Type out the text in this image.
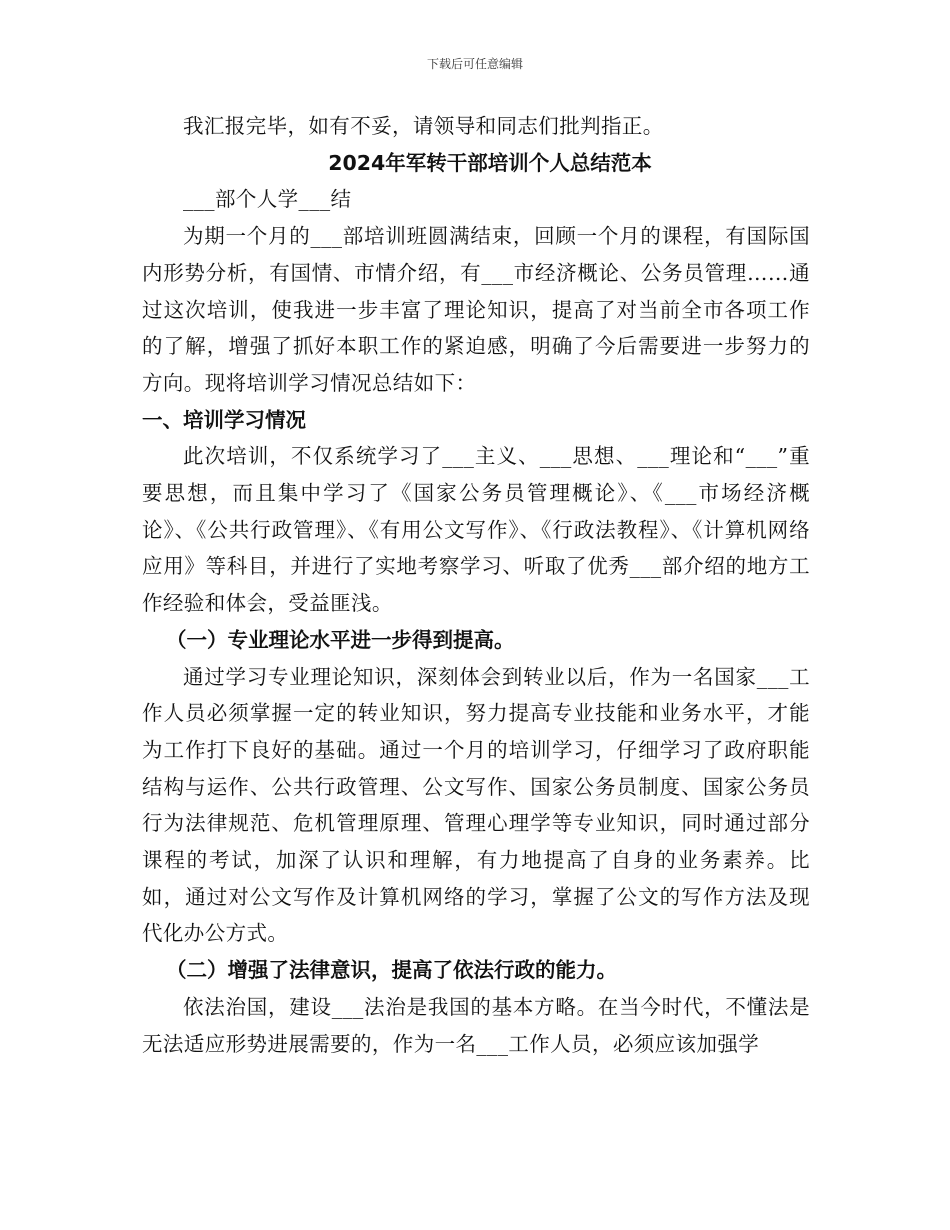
下载后可任意编辑

我汇报完毕，如有不妥，请领导和同志们批判指正。

2024年军转干部培训个人总结范本

___部个人学___结

为期一个月的___部培训班圆满结束，回顾一个月的课程，有国际国内形势分析，有国情、市情介绍，有___市经济概论、公务员管理……通过这次培训，使我进一步丰富了理论知识，提高了对当前全市各项工作的了解，增强了抓好本职工作的紧迫感，明确了今后需要进一步努力的方向。现将培训学习情况总结如下：

一、培训学习情况

此次培训，不仅系统学习了___主义、___思想、___理论和“___”重要思想，而且集中学习了《国家公务员管理概论》、《___市场经济概论》、《公共行政管理》、《有用公文写作》、《行政法教程》、《计算机网络应用》等科目，并进行了实地考察学习、听取了优秀___部介绍的地方工作经验和体会，受益匪浅。

（一）专业理论水平进一步得到提高。

通过学习专业理论知识，深刻体会到转业以后，作为一名国家___工作人员必须掌握一定的转业知识，努力提高专业技能和业务水平，才能为工作打下良好的基础。通过一个月的培训学习，仔细学习了政府职能结构与运作、公共行政管理、公文写作、国家公务员制度、国家公务员行为法律规范、危机管理原理、管理心理学等专业知识，同时通过部分课程的考试，加深了认识和理解，有力地提高了自身的业务素养。比如，通过对公文写作及计算机网络的学习，掌握了公文的写作方法及现代化办公方式。

（二）增强了法律意识，提高了依法行政的能力。

依法治国，建设___法治是我国的基本方略。在当今时代，不懂法是无法适应形势进展需要的，作为一名___工作人员，必须应该加强学
